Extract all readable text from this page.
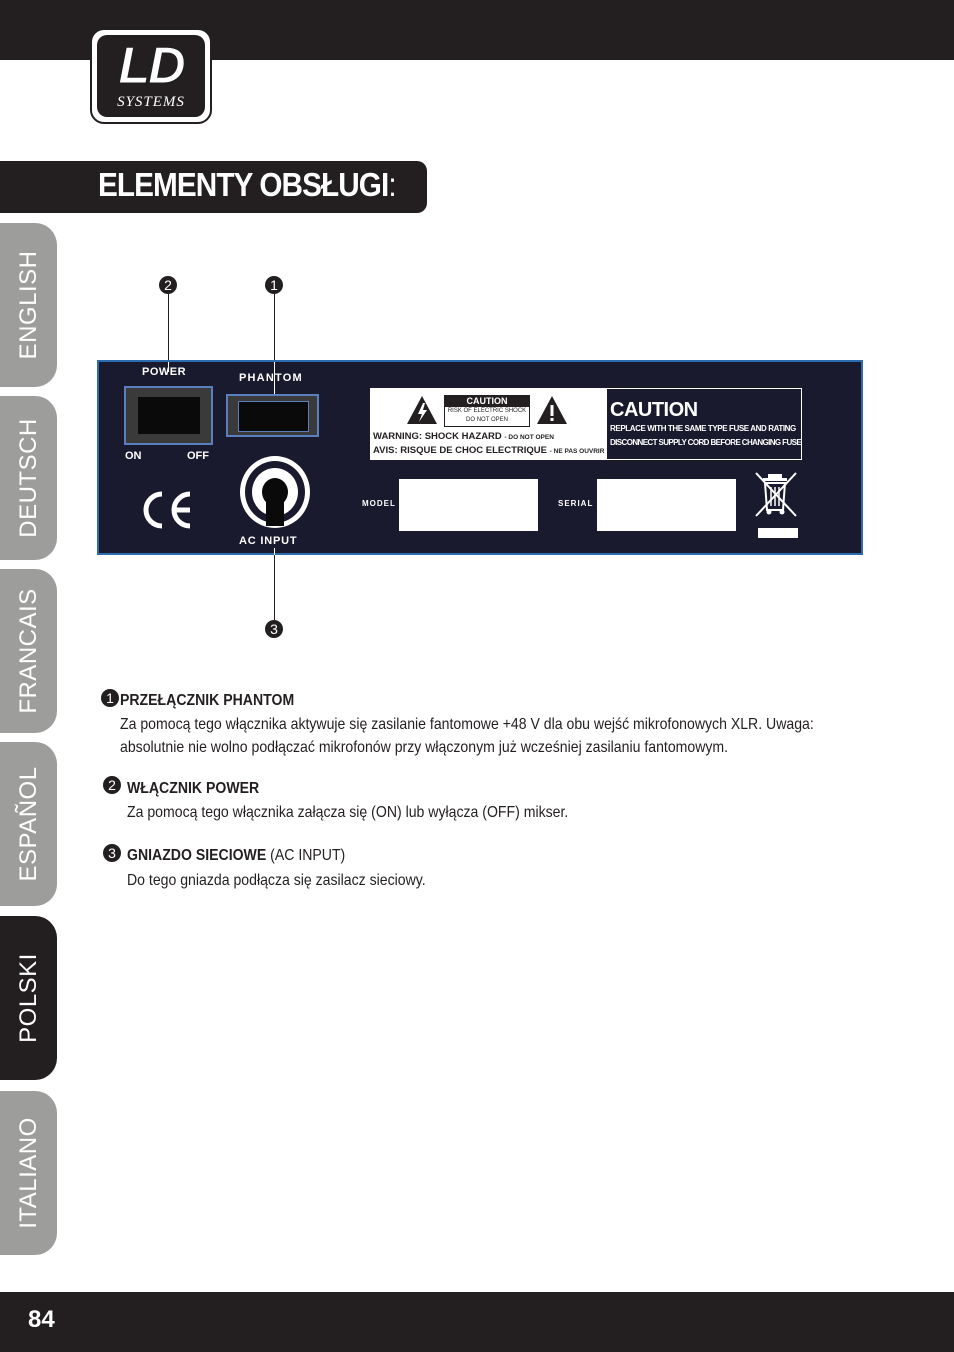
LD
SYSTEMS
ELEMENTY OBSŁUGI:
ENGLISH
DEUTSCH
FRANCAIS
ESPAÑOL
POLSKI
ITALIANO
2	1
3
POWER	PHANTOM
ON	OFF
AC INPUT
CAUTION
RISK OF ELECTRIC SHOCK
DO NOT OPEN
WARNING: SHOCK HAZARD - DO NOT OPEN
AVIS: RISQUE DE CHOC ELECTRIQUE - NE PAS OUVRIR
CAUTION
REPLACE WITH THE SAME TYPE FUSE AND RATING
DISCONNECT SUPPLY CORD BEFORE CHANGING FUSE
MODEL	SERIAL
1 PRZEŁĄCZNIK PHANTOM
Za pomocą tego włącznika aktywuje się zasilanie fantomowe +48 V dla obu wejść mikrofonowych XLR. Uwaga:
absolutnie nie wolno podłączać mikrofonów przy włączonym już wcześniej zasilaniu fantomowym.
2 WŁĄCZNIK POWER
Za pomocą tego włącznika załącza się (ON) lub wyłącza (OFF) mikser.
3 GNIAZDO SIECIOWE (AC INPUT)
Do tego gniazda podłącza się zasilacz sieciowy.
84
